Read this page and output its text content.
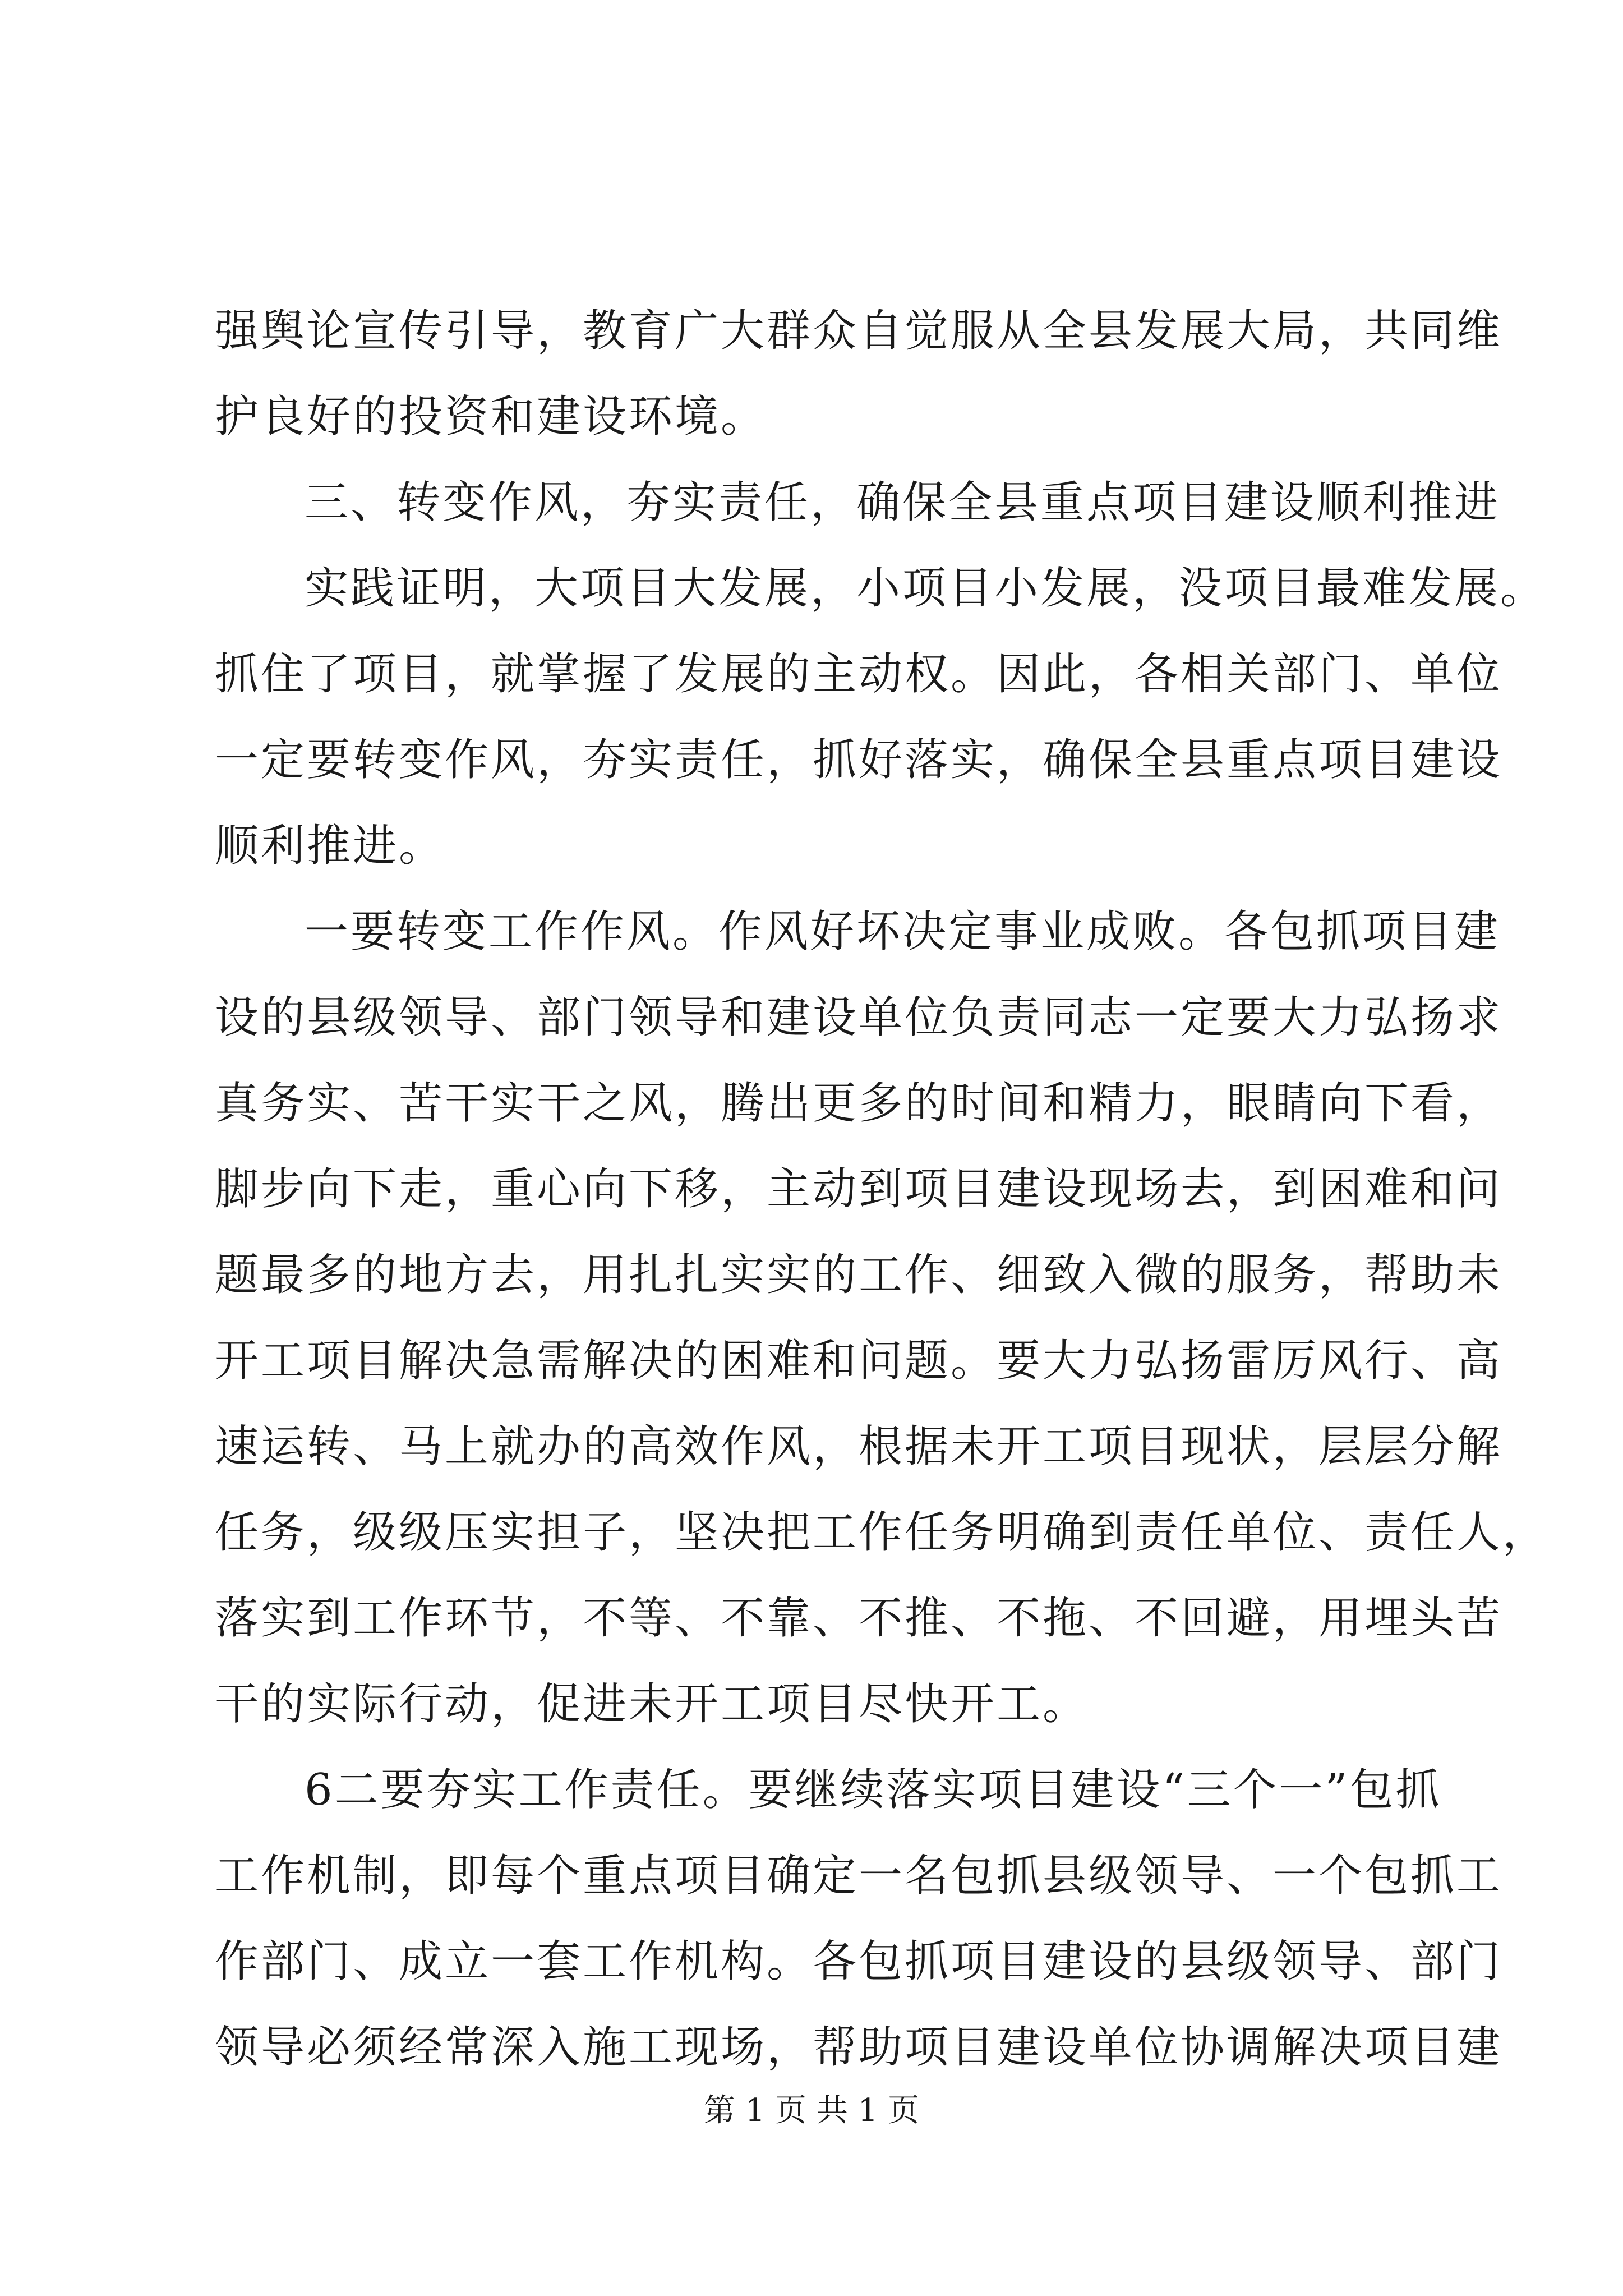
强舆论宣传引导，教育广大群众自觉服从全县发展大局，共同维
护良好的投资和建设环境。
三、转变作风，夯实责任，确保全县重点项目建设顺利推进
实践证明，大项目大发展，小项目小发展，没项目最难发展。
抓住了项目，就掌握了发展的主动权。因此，各相关部门、单位
一定要转变作风，夯实责任，抓好落实，确保全县重点项目建设
顺利推进。
一要转变工作作风。作风好坏决定事业成败。各包抓项目建
设的县级领导、部门领导和建设单位负责同志一定要大力弘扬求
真务实、苦干实干之风，腾出更多的时间和精力，眼睛向下看，
脚步向下走，重心向下移，主动到项目建设现场去，到困难和问
题最多的地方去，用扎扎实实的工作、细致入微的服务，帮助未
开工项目解决急需解决的困难和问题。要大力弘扬雷厉风行、高
速运转、马上就办的高效作风，根据未开工项目现状，层层分解
任务，级级压实担子，坚决把工作任务明确到责任单位、责任人，
落实到工作环节，不等、不靠、不推、不拖、不回避，用埋头苦
干的实际行动，促进未开工项目尽快开工。
6二要夯实工作责任。要继续落实项目建设“三个一”包抓
工作机制，即每个重点项目确定一名包抓县级领导、一个包抓工
作部门、成立一套工作机构。各包抓项目建设的县级领导、部门
领导必须经常深入施工现场，帮助项目建设单位协调解决项目建
第 1 页 共 1 页
